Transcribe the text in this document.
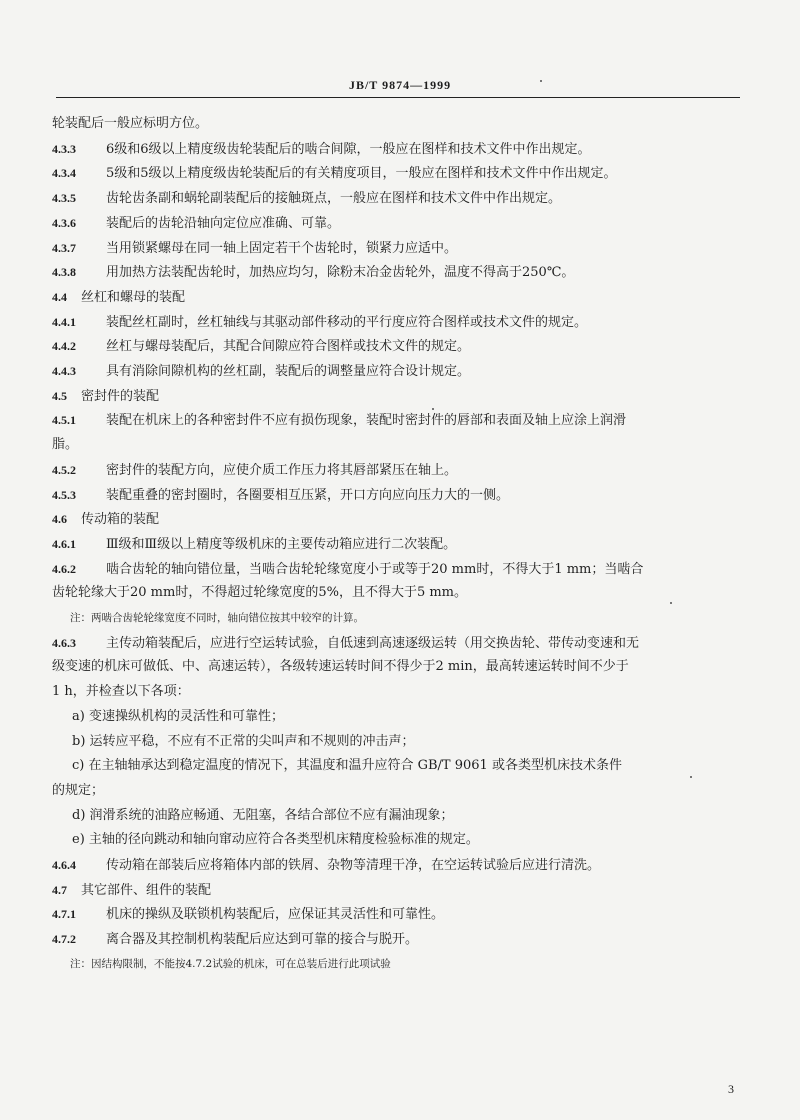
JB/T 9874—1999
轮装配后一般应标明方位。
4.3.3 6级和6级以上精度级齿轮装配后的啮合间隙，一般应在图样和技术文件中作出规定。
4.3.4 5级和5级以上精度级齿轮装配后的有关精度项目，一般应在图样和技术文件中作出规定。
4.3.5 齿轮齿条副和蜗轮副装配后的接触斑点，一般应在图样和技术文件中作出规定。
4.3.6 装配后的齿轮沿轴向定位应准确、可靠。
4.3.7 当用锁紧螺母在同一轴上固定若干个齿轮时，锁紧力应适中。
4.3.8 用加热方法装配齿轮时，加热应均匀，除粉末冶金齿轮外，温度不得高于250℃。
4.4 丝杠和螺母的装配
4.4.1 装配丝杠副时，丝杠轴线与其驱动部件移动的平行度应符合图样或技术文件的规定。
4.4.2 丝杠与螺母装配后，其配合间隙应符合图样或技术文件的规定。
4.4.3 具有消除间隙机构的丝杠副，装配后的调整量应符合设计规定。
4.5 密封件的装配
4.5.1 装配在机床上的各种密封件不应有损伤现象，装配时密封件的唇部和表面及轴上应涂上润滑
脂。
4.5.2 密封件的装配方向，应使介质工作压力将其唇部紧压在轴上。
4.5.3 装配重叠的密封圈时，各圈要相互压紧，开口方向应向压力大的一侧。
4.6 传动箱的装配
4.6.1 Ⅲ级和Ⅲ级以上精度等级机床的主要传动箱应进行二次装配。
4.6.2 啮合齿轮的轴向错位量，当啮合齿轮轮缘宽度小于或等于20 mm时，不得大于1 mm；当啮合
齿轮轮缘大于20 mm时，不得超过轮缘宽度的5%，且不得大于5 mm。
注：两啮合齿轮轮缘宽度不同时，轴向错位按其中较窄的计算。
4.6.3 主传动箱装配后，应进行空运转试验，自低速到高速逐级运转（用交换齿轮、带传动变速和无
级变速的机床可做低、中、高速运转），各级转速运转时间不得少于2 min，最高转速运转时间不少于
1 h，并检查以下各项：
a) 变速操纵机构的灵活性和可靠性；
b) 运转应平稳，不应有不正常的尖叫声和不规则的冲击声；
c) 在主轴轴承达到稳定温度的情况下，其温度和温升应符合 GB/T 9061 或各类型机床技术条件
的规定；
d) 润滑系统的油路应畅通、无阻塞，各结合部位不应有漏油现象；
e) 主轴的径向跳动和轴向窜动应符合各类型机床精度检验标准的规定。
4.6.4 传动箱在部装后应将箱体内部的铁屑、杂物等清理干净，在空运转试验后应进行清洗。
4.7 其它部件、组件的装配
4.7.1 机床的操纵及联锁机构装配后，应保证其灵活性和可靠性。
4.7.2 离合器及其控制机构装配后应达到可靠的接合与脱开。
注：因结构限制，不能按4.7.2试验的机床，可在总装后进行此项试验
3
